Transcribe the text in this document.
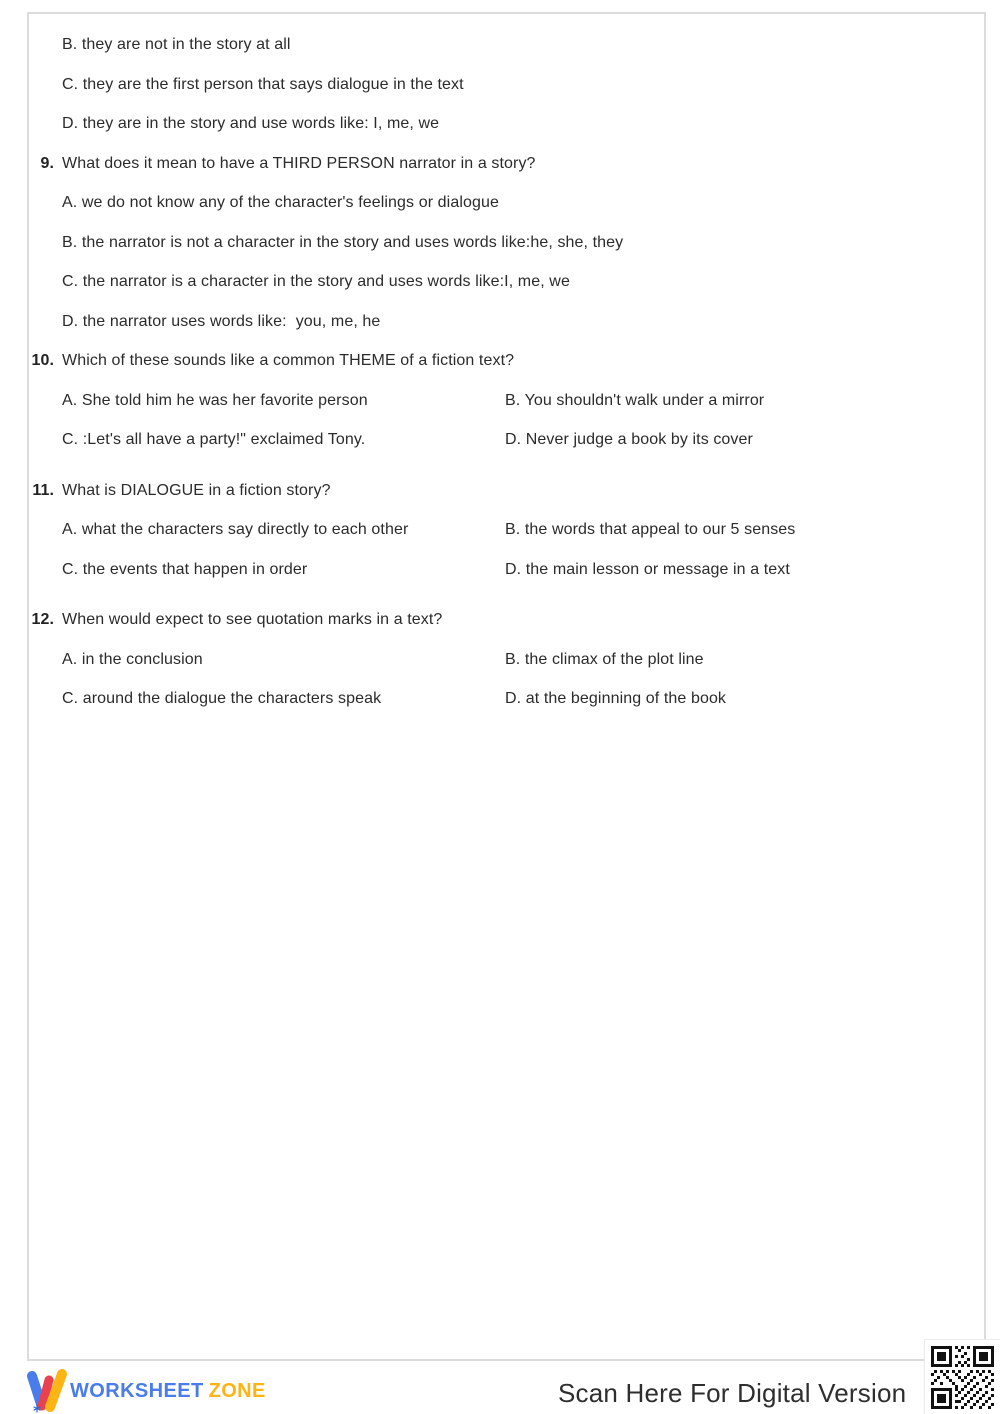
B. they are not in the story at all
C. they are the first person that says dialogue in the text
D. they are in the story and use words like: I, me, we
9. What does it mean to have a THIRD PERSON narrator in a story?
A. we do not know any of the character's feelings or dialogue
B. the narrator is not a character in the story and uses words like:he, she, they
C. the narrator is a character in the story and uses words like:I, me, we
D. the narrator uses words like:  you, me, he
10. Which of these sounds like a common THEME of a fiction text?
A. She told him he was her favorite person	B. You shouldn't walk under a mirror
C. :Let's all have a party!" exclaimed Tony.	D. Never judge a book by its cover
11. What is DIALOGUE in a fiction story?
A. what the characters say directly to each other	B. the words that appeal to our 5 senses
C. the events that happen in order	D. the main lesson or message in a text
12. When would expect to see quotation marks in a text?
A. in the conclusion	B. the climax of the plot line
C. around the dialogue the characters speak	D. at the beginning of the book
WORKSHEET ZONE	Scan Here For Digital Version
